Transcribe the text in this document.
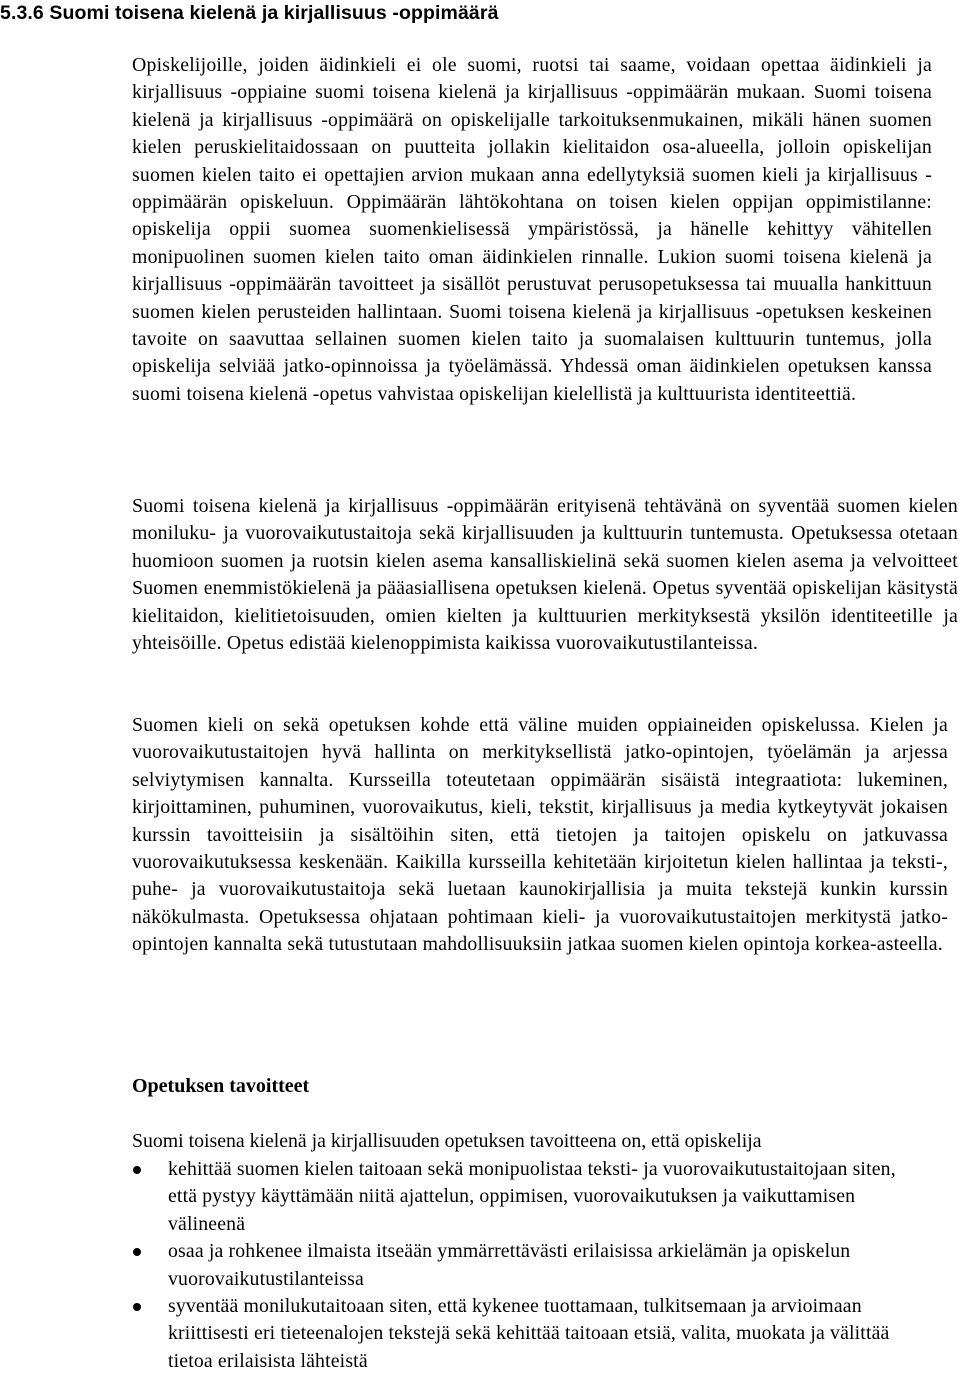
5.3.6 Suomi toisena kielenä ja kirjallisuus -oppimäärä

Opiskelijoille, joiden äidinkieli ei ole suomi, ruotsi tai saame, voidaan opettaa äidinkieli ja kirjallisuus -oppiaine suomi toisena kielenä ja kirjallisuus -oppimäärän mukaan. Suomi toisena kielenä ja kirjallisuus -oppimäärä on opiskelijalle tarkoituksenmukainen, mikäli hänen suomen kielen peruskielitaidossaan on puutteita jollakin kielitaidon osa-alueella, jolloin opiskelijan suomen kielen taito ei opettajien arvion mukaan anna edellytyksiä suomen kieli ja kirjallisuus -oppimäärän opiskeluun. Oppimäärän lähtökohtana on toisen kielen oppijan oppimistilanne: opiskelija oppii suomea suomenkielisessä ympäristössä, ja hänelle kehittyy vähitellen monipuolinen suomen kielen taito oman äidinkielen rinnalle. Lukion suomi toisena kielenä ja kirjallisuus -oppimäärän tavoitteet ja sisällöt perustuvat perusopetuksessa tai muualla hankittuun suomen kielen perusteiden hallintaan. Suomi toisena kielenä ja kirjallisuus -opetuksen keskeinen tavoite on saavuttaa sellainen suomen kielen taito ja suomalaisen kulttuurin tuntemus, jolla opiskelija selviää jatko-opinnoissa ja työelämässä. Yhdessä oman äidinkielen opetuksen kanssa suomi toisena kielenä -opetus vahvistaa opiskelijan kielellistä ja kulttuurista identiteettiä.

Suomi toisena kielenä ja kirjallisuus -oppimäärän erityisenä tehtävänä on syventää suomen kielen moniluku- ja vuorovaikutustaitoja sekä kirjallisuuden ja kulttuurin tuntemusta. Opetuksessa otetaan huomioon suomen ja ruotsin kielen asema kansalliskielinä sekä suomen kielen asema ja velvoitteet Suomen enemmistökielenä ja pääasiallisena opetuksen kielenä. Opetus syventää opiskelijan käsitystä kielitaidon, kielitietoisuuden, omien kielten ja kulttuurien merkityksestä yksilön identiteetille ja yhteisöille. Opetus edistää kielenoppimista kaikissa vuorovaikutustilanteissa.

Suomen kieli on sekä opetuksen kohde että väline muiden oppiaineiden opiskelussa. Kielen ja vuorovaikutustaitojen hyvä hallinta on merkityksellistä jatko-opintojen, työelämän ja arjessa selviytymisen kannalta. Kursseilla toteutetaan oppimäärän sisäistä integraatiota: lukeminen, kirjoittaminen, puhuminen, vuorovaikutus, kieli, tekstit, kirjallisuus ja media kytkeytyvät jokaisen kurssin tavoitteisiin ja sisältöihin siten, että tietojen ja taitojen opiskelu on jatkuvassa vuorovaikutuksessa keskenään. Kaikilla kursseilla kehitetään kirjoitetun kielen hallintaa ja teksti-, puhe- ja vuorovaikutustaitoja sekä luetaan kaunokirjallisia ja muita tekstejä kunkin kurssin näkökulmasta. Opetuksessa ohjataan pohtimaan kieli- ja vuorovaikutustaitojen merkitystä jatko-opintojen kannalta sekä tutustutaan mahdollisuuksiin jatkaa suomen kielen opintoja korkea-asteella.

Opetuksen tavoitteet

Suomi toisena kielenä ja kirjallisuuden opetuksen tavoitteena on, että opiskelija

kehittää suomen kielen taitoaan sekä monipuolistaa teksti- ja vuorovaikutustaitojaan siten, että pystyy käyttämään niitä ajattelun, oppimisen, vuorovaikutuksen ja vaikuttamisen välineenä
osaa ja rohkenee ilmaista itseään ymmärrettävästi erilaisissa arkielämän ja opiskelun vuorovaikutustilanteissa
syventää monilukutaitoaan siten, että kykenee tuottamaan, tulkitsemaan ja arvioimaan kriittisesti eri tieteenalojen tekstejä sekä kehittää taitoaan etsiä, valita, muokata ja välittää tietoa erilaisista lähteistä
